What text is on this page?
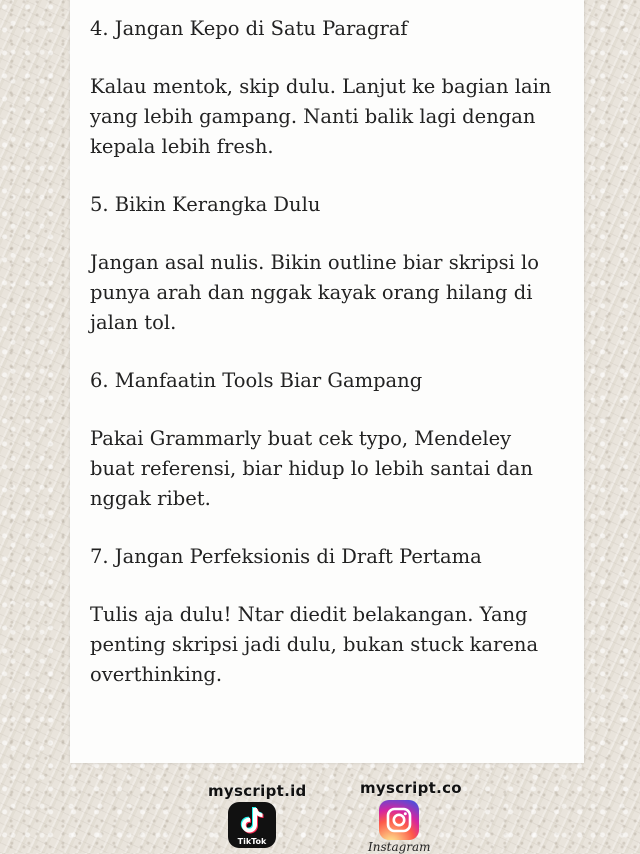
4. Jangan Kepo di Satu Paragraf

Kalau mentok, skip dulu. Lanjut ke bagian lain

yang lebih gampang. Nanti balik lagi dengan

kepala lebih fresh.

5. Bikin Kerangka Dulu

Jangan asal nulis. Bikin outline biar skripsi lo

punya arah dan nggak kayak orang hilang di

jalan tol.

6. Manfaatin Tools Biar Gampang

Pakai Grammarly buat cek typo, Mendeley

buat referensi, biar hidup lo lebih santai dan

nggak ribet.

7. Jangan Perfeksionis di Draft Pertama

Tulis aja dulu! Ntar diedit belakangan. Yang

penting skripsi jadi dulu, bukan stuck karena

overthinking.

myscript.id
TikTok
myscript.co
Instagram
